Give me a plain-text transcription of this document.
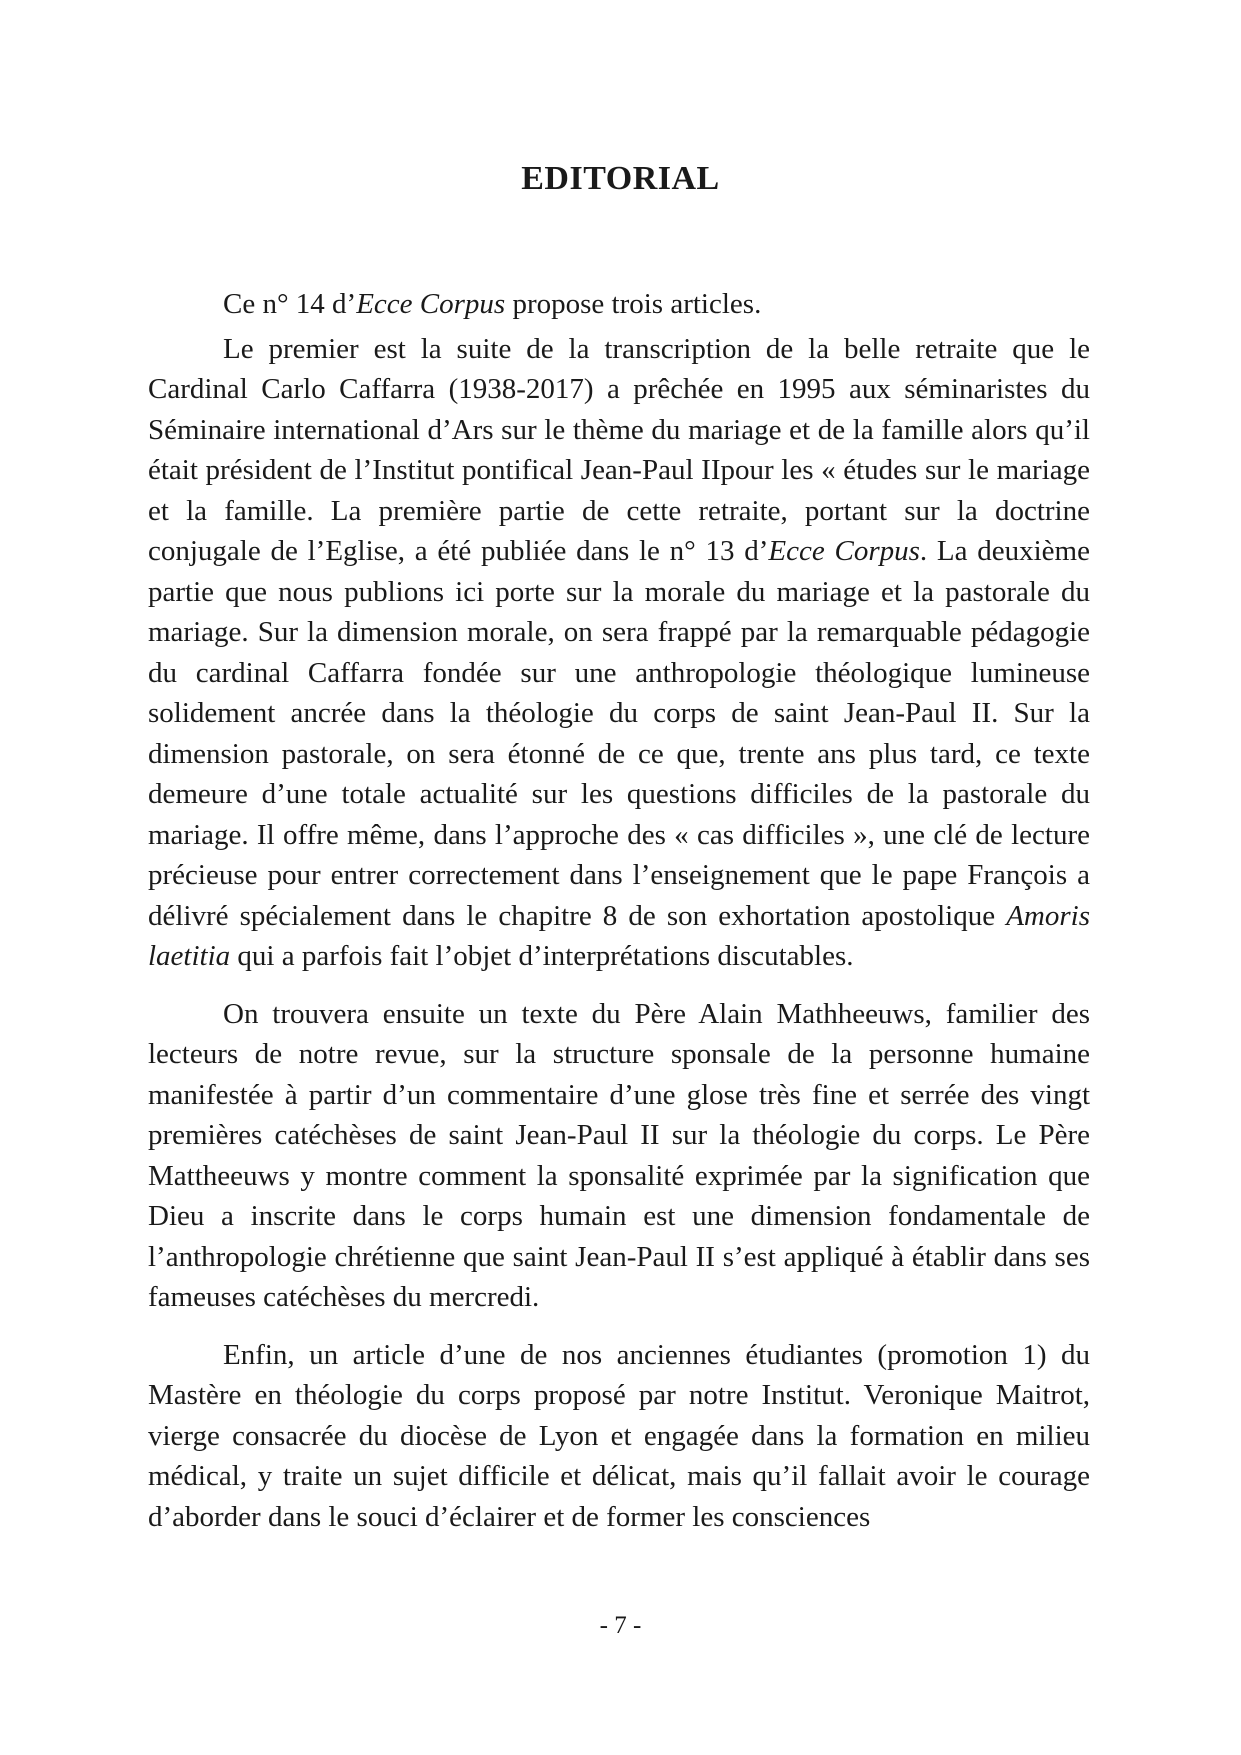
EDITORIAL

Ce n° 14 d’Ecce Corpus propose trois articles.

Le premier est la suite de la transcription de la belle retraite que le Cardinal Carlo Caffarra (1938-2017) a prêchée en 1995 aux séminaristes du Séminaire international d’Ars sur le thème du mariage et de la famille alors qu’il était président de l’Institut pontifical Jean-Paul IIpour les « études sur le mariage et la famille. La première partie de cette retraite, portant sur la doctrine conjugale de l’Eglise, a été publiée dans le n° 13 d’Ecce Corpus. La deuxième partie que nous publions ici porte sur la morale du mariage et la pastorale du mariage. Sur la dimension morale, on sera frappé par la remarquable pédagogie du cardinal Caffarra fondée sur une anthropologie théologique lumineuse solidement ancrée dans la théologie du corps de saint Jean-Paul II. Sur la dimension pastorale, on sera étonné de ce que, trente ans plus tard, ce texte demeure d’une totale actualité sur les questions difficiles de la pastorale du mariage. Il offre même, dans l’approche des « cas difficiles », une clé de lecture précieuse pour entrer correctement dans l’enseignement que le pape François a délivré spécialement dans le chapitre 8 de son exhortation apostolique Amoris laetitia qui a parfois fait l’objet d’interprétations discutables.

On trouvera ensuite un texte du Père Alain Mathheeuws, familier des lecteurs de notre revue, sur la structure sponsale de la personne humaine manifestée à partir d’un commentaire d’une glose très fine et serrée des vingt premières catéchèses de saint Jean-Paul II sur la théologie du corps. Le Père Mattheeuws y montre comment la sponsalité exprimée par la signification que Dieu a inscrite dans le corps humain est une dimension fondamentale de l’anthropologie chrétienne que saint Jean-Paul II s’est appliqué à établir dans ses fameuses catéchèses du mercredi.

Enfin, un article d’une de nos anciennes étudiantes (promotion 1) du Mastère en théologie du corps proposé par notre Institut. Veronique Maitrot, vierge consacrée du diocèse de Lyon et engagée dans la formation en milieu médical, y traite un sujet difficile et délicat, mais qu’il fallait avoir le courage d’aborder dans le souci d’éclairer et de former les consciences

- 7 -
